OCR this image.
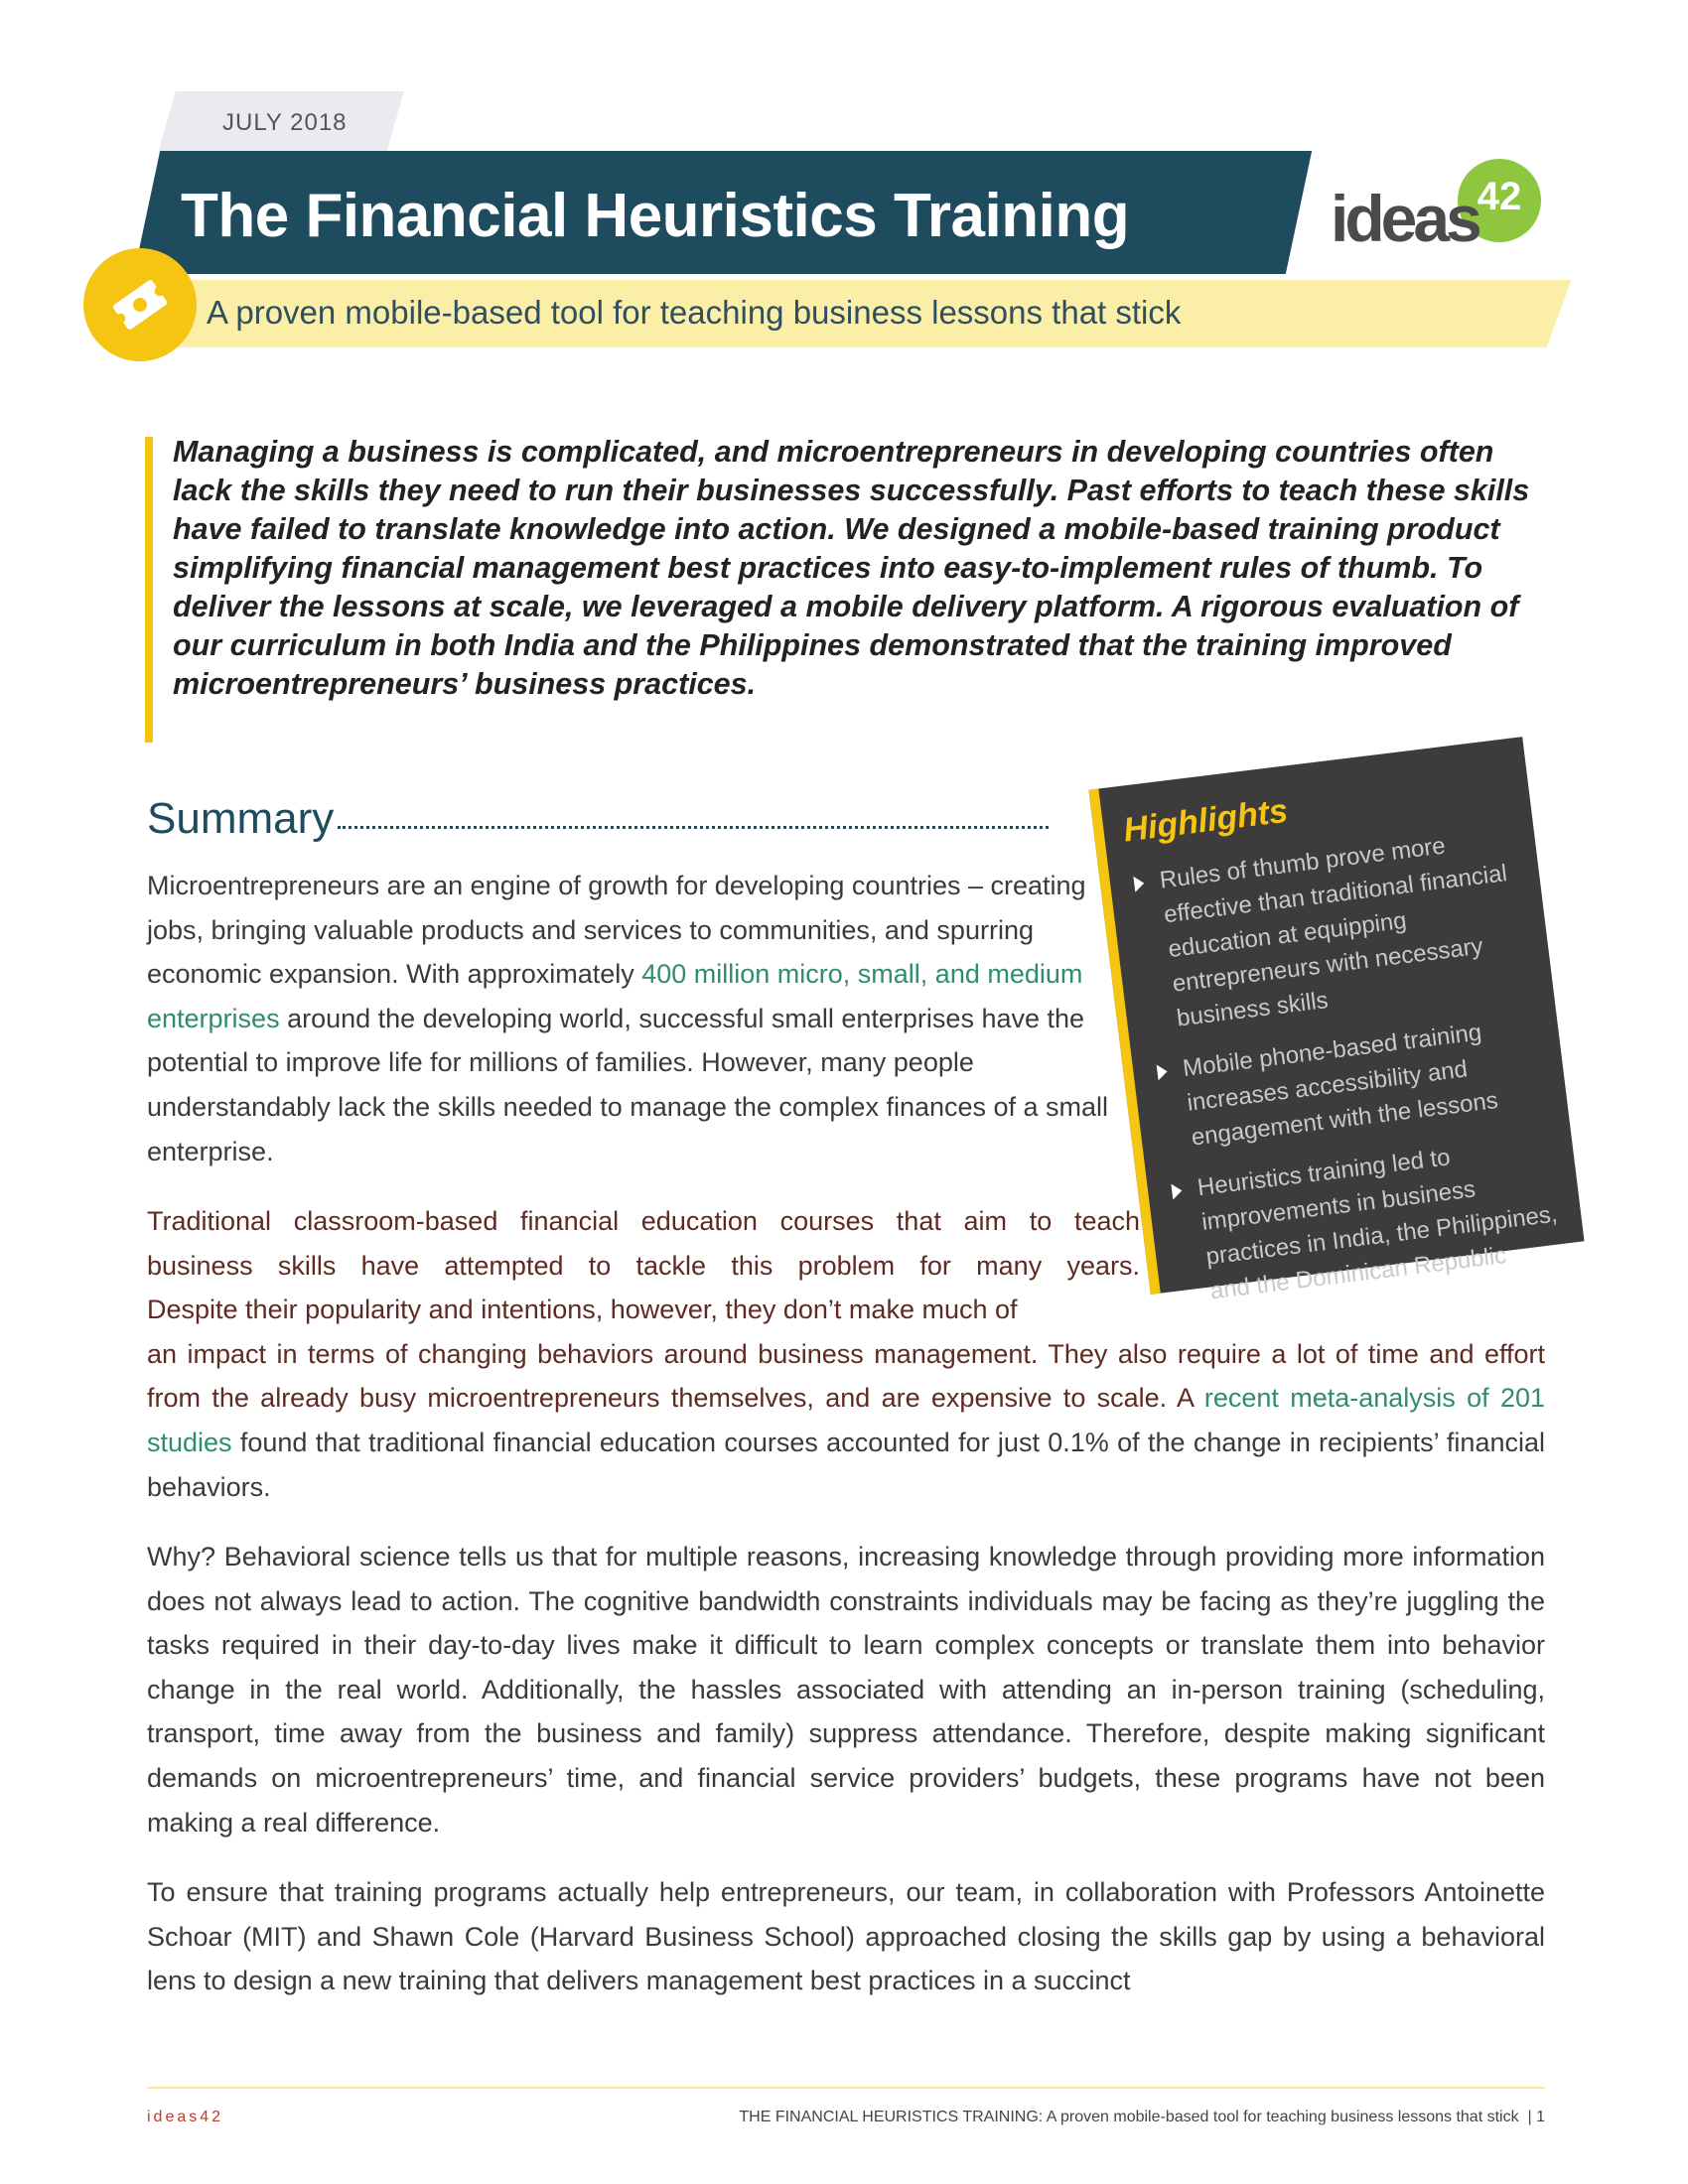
JULY 2018
The Financial Heuristics Training
A proven mobile-based tool for teaching business lessons that stick
ideas
42

Managing a business is complicated, and microentrepreneurs in developing countries often lack the skills they need to run their businesses successfully. Past efforts to teach these skills have failed to translate knowledge into action. We designed a mobile-based training product simplifying financial management best practices into easy-to-implement rules of thumb. To deliver the lessons at scale, we leveraged a mobile delivery platform. A rigorous evaluation of our curriculum in both India and the Philippines demonstrated that the training improved microentrepreneurs’ business practices.

Summary

Microentrepreneurs are an engine of growth for developing countries – creating jobs, bringing valuable products and services to communities, and spurring economic expansion. With approximately 400 million micro, small, and medium enterprises around the developing world, successful small enterprises have the potential to improve life for millions of families. However, many people understandably lack the skills needed to manage the complex finances of a small enterprise.

Traditional classroom-based financial education courses that aim to teach
business skills have attempted to tackle this problem for many years.
Despite their popularity and intentions, however, they don’t make much of
an impact in terms of changing behaviors around business management. They also require a lot of time and effort from the already busy microentrepreneurs themselves, and are expensive to scale. A recent meta-analysis of 201 studies found that traditional financial education courses accounted for just 0.1% of the change in recipients’ financial behaviors.

Why? Behavioral science tells us that for multiple reasons, increasing knowledge through providing more information does not always lead to action. The cognitive bandwidth constraints individuals may be facing as they’re juggling the tasks required in their day-to-day lives make it difficult to learn complex concepts or translate them into behavior change in the real world. Additionally, the hassles associated with attending an in-person training (scheduling, transport, time away from the business and family) suppress attendance. Therefore, despite making significant demands on microentrepreneurs’ time, and financial service providers’ budgets, these programs have not been making a real difference.

To ensure that training programs actually help entrepreneurs, our team, in collaboration with Professors Antoinette Schoar (MIT) and Shawn Cole (Harvard Business School) approached closing the skills gap by using a behavioral lens to design a new training that delivers management best practices in a succinct

Highlights
Rules of thumb prove more effective than traditional financial education at equipping entrepreneurs with necessary business skills
Mobile phone-based training increases accessibility and engagement with the lessons
Heuristics training led to improvements in business practices in India, the Philippines, and the Dominican Republic
ideas42	THE FINANCIAL HEURISTICS TRAINING: A proven mobile-based tool for teaching business lessons that stick | 1
